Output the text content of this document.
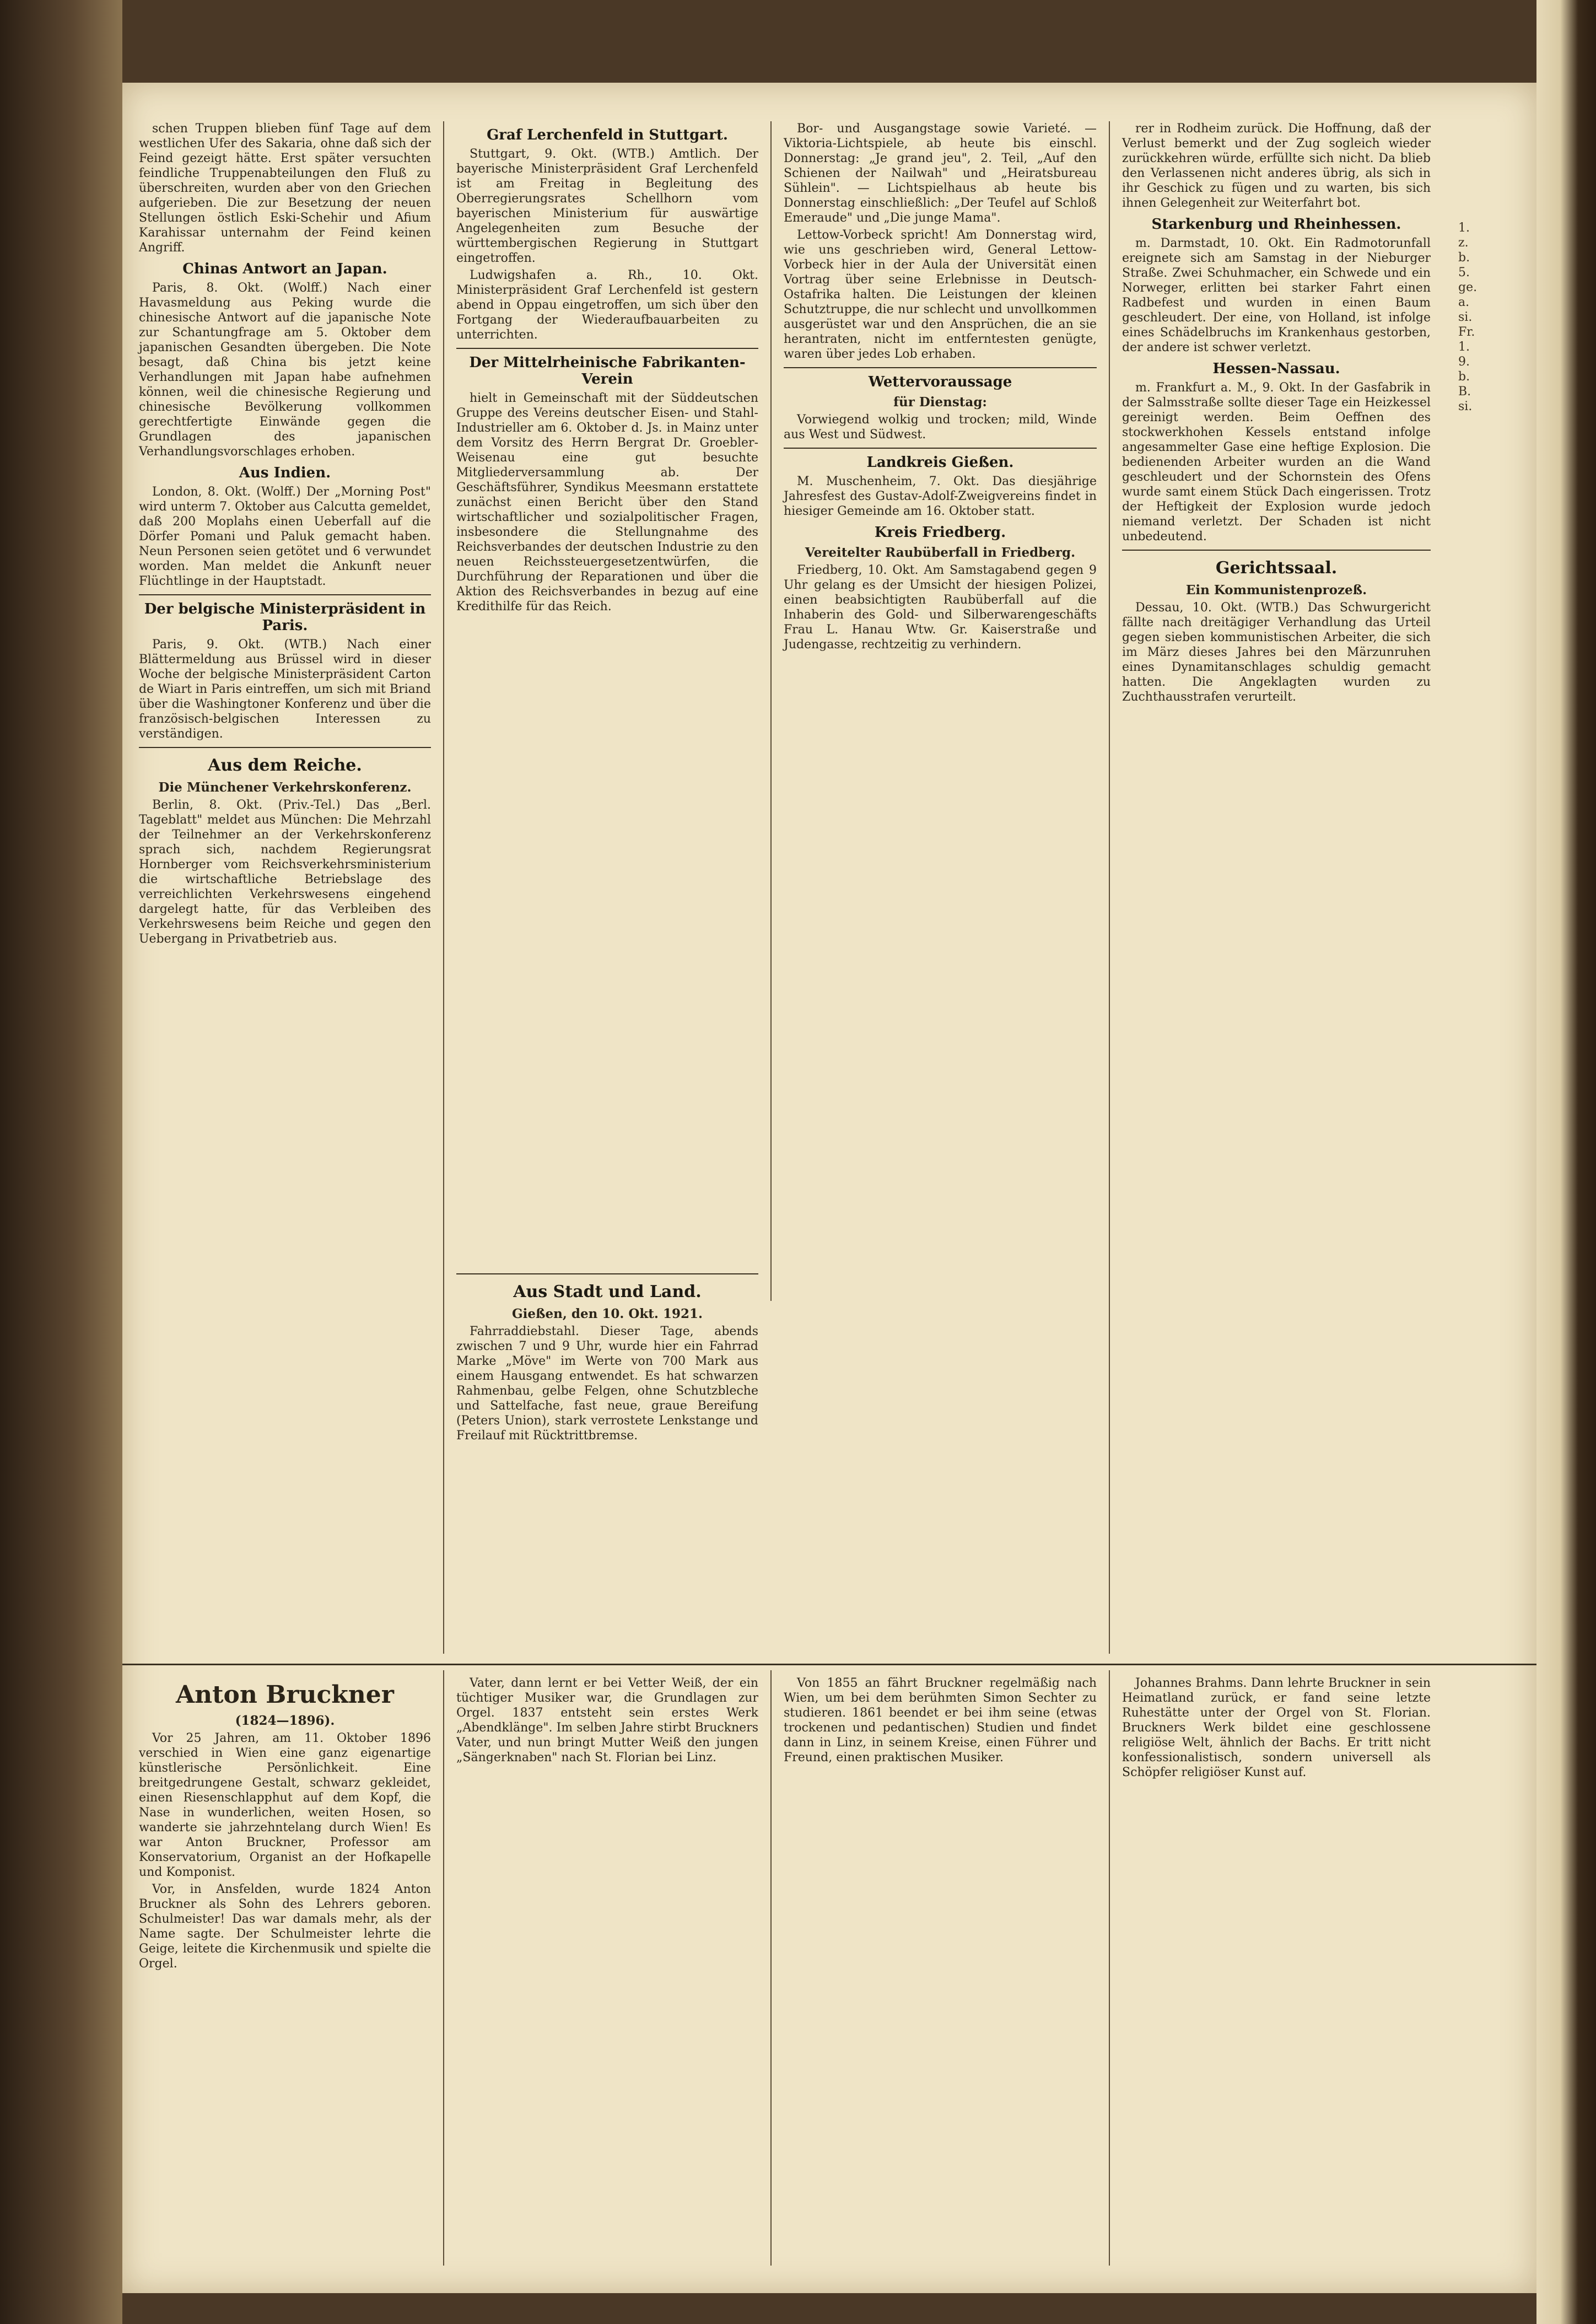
schen Truppen blieben fünf Tage auf dem westlichen Ufer des Sakaria, ohne daß sich der Feind gezeigt hätte. Erst später versuchten feindliche Truppenabteilungen den Fluß zu überschreiten, wurden aber von den Griechen aufgerieben. Die zur Besetzung der neuen Stellungen östlich Eski-Schehir und Afium Karahissar unternahm der Feind keinen Angriff.

Chinas Antwort an Japan.

Paris, 8. Okt. (Wolff.) Nach einer Havasmeldung aus Peking wurde die chinesische Antwort auf die japanische Note zur Schantungfrage am 5. Oktober dem japanischen Gesandten übergeben. Die Note besagt, daß China bis jetzt keine Verhandlungen mit Japan habe aufnehmen können, weil die chinesische Regierung und chinesische Bevölkerung vollkommen gerechtfertigte Einwände gegen die Grundlagen des japanischen Verhandlungsvorschlages erhoben.

Aus Indien.

London, 8. Okt. (Wolff.) Der „Morning Post" wird unterm 7. Oktober aus Calcutta gemeldet, daß 200 Moplahs einen Ueberfall auf die Dörfer Pomani und Paluk gemacht haben. Neun Personen seien getötet und 6 verwundet worden. Man meldet die Ankunft neuer Flüchtlinge in der Hauptstadt.

Der belgische Ministerpräsident in Paris.

Paris, 9. Okt. (WTB.) Nach einer Blättermeldung aus Brüssel wird in dieser Woche der belgische Ministerpräsident Carton de Wiart in Paris eintreffen, um sich mit Briand über die Washingtoner Konferenz und über die französisch-belgischen Interessen zu verständigen.

Aus dem Reiche.
Die Münchener Verkehrskonferenz.

Berlin, 8. Okt. (Priv.-Tel.) Das „Berl. Tageblatt" meldet aus München: Die Mehrzahl der Teilnehmer an der Verkehrskonferenz sprach sich, nachdem Regierungsrat Hornberger vom Reichsverkehrsministerium die wirtschaftliche Betriebslage des verreichlichten Verkehrswesens eingehend dargelegt hatte, für das Verbleiben des Verkehrswesens beim Reiche und gegen den Uebergang in Privatbetrieb aus.

Graf Lerchenfeld in Stuttgart.

Stuttgart, 9. Okt. (WTB.) Amtlich. Der bayerische Ministerpräsident Graf Lerchenfeld ist am Freitag in Begleitung des Oberregierungsrates Schellhorn vom bayerischen Ministerium für auswärtige Angelegenheiten zum Besuche der württembergischen Regierung in Stuttgart eingetroffen.

Ludwigshafen a. Rh., 10. Okt. Ministerpräsident Graf Lerchenfeld ist gestern abend in Oppau eingetroffen, um sich über den Fortgang der Wiederaufbauarbeiten zu unterrichten.

Der Mittelrheinische Fabrikanten-Verein

hielt in Gemeinschaft mit der Süddeutschen Gruppe des Vereins deutscher Eisen- und Stahl-Industrieller am 6. Oktober d. Js. in Mainz unter dem Vorsitz des Herrn Bergrat Dr. Groebler-Weisenau eine gut besuchte Mitgliederversammlung ab. Der Geschäftsführer, Syndikus Meesmann erstattete zunächst einen Bericht über den Stand wirtschaftlicher und sozialpolitischer Fragen, insbesondere die Stellungnahme des Reichsverbandes der deutschen Industrie zu den neuen Reichssteuergesetzentwürfen, die Durchführung der Reparationen und über die Aktion des Reichsverbandes in bezug auf eine Kredithilfe für das Reich.

Aus Stadt und Land.
Gießen, den 10. Okt. 1921.

Fahrraddiebstahl. Dieser Tage, abends zwischen 7 und 9 Uhr, wurde hier ein Fahrrad Marke „Möve" im Werte von 700 Mark aus einem Hausgang entwendet. Es hat schwarzen Rahmenbau, gelbe Felgen, ohne Schutzbleche und Sattelfache, fast neue, graue Bereifung (Peters Union), stark verrostete Lenkstange und Freilauf mit Rücktrittbremse.

Bor- und Ausgangstage sowie Varieté. — Viktoria-Lichtspiele, ab heute bis einschl. Donnerstag: „Je grand jeu", 2. Teil, „Auf den Schienen der Nailwah" und „Heiratsbureau Sühlein". — Lichtspielhaus ab heute bis Donnerstag einschließlich: „Der Teufel auf Schloß Emeraude" und „Die junge Mama".

Lettow-Vorbeck spricht! Am Donnerstag wird, wie uns geschrieben wird, General Lettow-Vorbeck hier in der Aula der Universität einen Vortrag über seine Erlebnisse in Deutsch-Ostafrika halten. Die Leistungen der kleinen Schutztruppe, die nur schlecht und unvollkommen ausgerüstet war und den Ansprüchen, die an sie herantraten, nicht im entferntesten genügte, waren über jedes Lob erhaben.

Wettervoraussage
für Dienstag:

Vorwiegend wolkig und trocken; mild, Winde aus West und Südwest.

Landkreis Gießen.

M. Muschenheim, 7. Okt. Das diesjährige Jahresfest des Gustav-Adolf-Zweigvereins findet in hiesiger Gemeinde am 16. Oktober statt.

Kreis Friedberg.
Vereitelter Raubüberfall in Friedberg.

Friedberg, 10. Okt. Am Samstagabend gegen 9 Uhr gelang es der Umsicht der hiesigen Polizei, einen beabsichtigten Raubüberfall auf die Inhaberin des Gold- und Silberwarengeschäfts Frau L. Hanau Wtw. Gr. Kaiserstraße und Judengasse, rechtzeitig zu verhindern.

rer in Rodheim zurück. Die Hoffnung, daß der Verlust bemerkt und der Zug sogleich wieder zurückkehren würde, erfüllte sich nicht. Da blieb den Verlassenen nicht anderes übrig, als sich in ihr Geschick zu fügen und zu warten, bis sich ihnen Gelegenheit zur Weiterfahrt bot.

Starkenburg und Rheinhessen.

m. Darmstadt, 10. Okt. Ein Radmotorunfall ereignete sich am Samstag in der Nieburger Straße. Zwei Schuhmacher, ein Schwede und ein Norweger, erlitten bei starker Fahrt einen Radbefest und wurden in einen Baum geschleudert. Der eine, von Holland, ist infolge eines Schädelbruchs im Krankenhaus gestorben, der andere ist schwer verletzt.

Hessen-Nassau.

m. Frankfurt a. M., 9. Okt. In der Gasfabrik in der Salmsstraße sollte dieser Tage ein Heizkessel gereinigt werden. Beim Oeffnen des stockwerkhohen Kessels entstand infolge angesammelter Gase eine heftige Explosion. Die bedienenden Arbeiter wurden an die Wand geschleudert und der Schornstein des Ofens wurde samt einem Stück Dach eingerissen. Trotz der Heftigkeit der Explosion wurde jedoch niemand verletzt. Der Schaden ist nicht unbedeutend.

Gerichtssaal.
Ein Kommunistenprozeß.

Dessau, 10. Okt. (WTB.) Das Schwurgericht fällte nach dreitägiger Verhandlung das Urteil gegen sieben kommunistischen Arbeiter, die sich im März dieses Jahres bei den Märzunruhen eines Dynamitanschlages schuldig gemacht hatten. Die Angeklagten wurden zu Zuchthausstrafen verurteilt.

Anton Bruckner
(1824—1896).

Vor 25 Jahren, am 11. Oktober 1896 verschied in Wien eine ganz eigenartige künstlerische Persönlichkeit. Eine breitgedrungene Gestalt, schwarz gekleidet, einen Riesenschlapphut auf dem Kopf, die Nase in wunderlichen, weiten Hosen, so wanderte sie jahrzehntelang durch Wien! Es war Anton Bruckner, Professor am Konservatorium, Organist an der Hofkapelle und Komponist.

Vor, in Ansfelden, wurde 1824 Anton Bruckner als Sohn des Lehrers geboren. Schulmeister! Das war damals mehr, als der Name sagte. Der Schulmeister lehrte die Geige, leitete die Kirchenmusik und spielte die Orgel.

Vater, dann lernt er bei Vetter Weiß, der ein tüchtiger Musiker war, die Grundlagen zur Orgel. 1837 entsteht sein erstes Werk „Abendklänge". Im selben Jahre stirbt Bruckners Vater, und nun bringt Mutter Weiß den jungen „Sängerknaben" nach St. Florian bei Linz.

Von 1855 an fährt Bruckner regelmäßig nach Wien, um bei dem berühmten Simon Sechter zu studieren. 1861 beendet er bei ihm seine (etwas trockenen und pedantischen) Studien und findet dann in Linz, in seinem Kreise, einen Führer und Freund, einen praktischen Musiker.

Johannes Brahms. Dann lehrte Bruckner in sein Heimatland zurück, er fand seine letzte Ruhestätte unter der Orgel von St. Florian. Bruckners Werk bildet eine geschlossene religiöse Welt, ähnlich der Bachs. Er tritt nicht konfessionalistisch, sondern universell als Schöpfer religiöser Kunst auf.

1. z. b. 5. ge. a. si. Fr. 1. 9. b. B. si.
